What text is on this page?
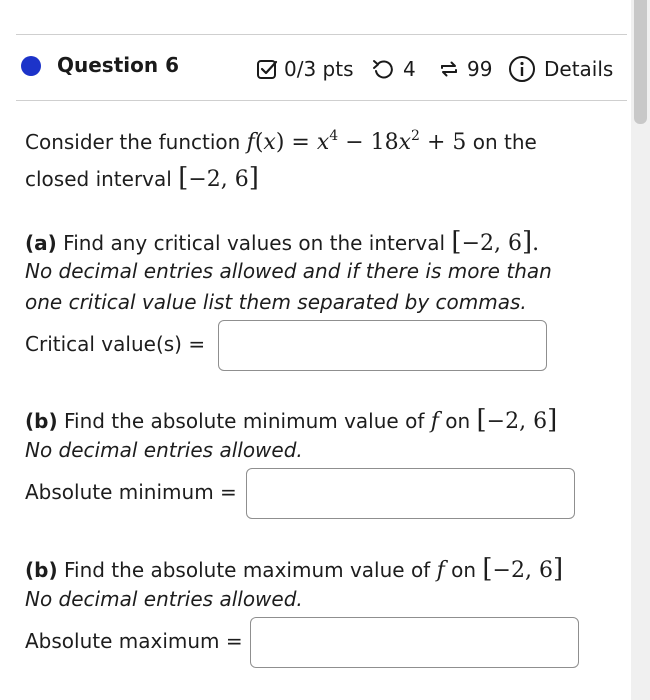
Question 6	0/3 pts 4	99	Details
Consider the function $f(x) = x^4 - 18x^2 + 5$ on the
closed interval [−2, 6]
(a) Find any critical values on the interval [−2, 6].
No decimal entries allowed and if there is more than
one critical value list them separated by commas.
Critical value(s) =
(b) Find the absolute minimum value of f on [−2, 6]
No decimal entries allowed.
Absolute minimum =
(b) Find the absolute maximum value of f on [−2, 6]
No decimal entries allowed.
Absolute maximum =
